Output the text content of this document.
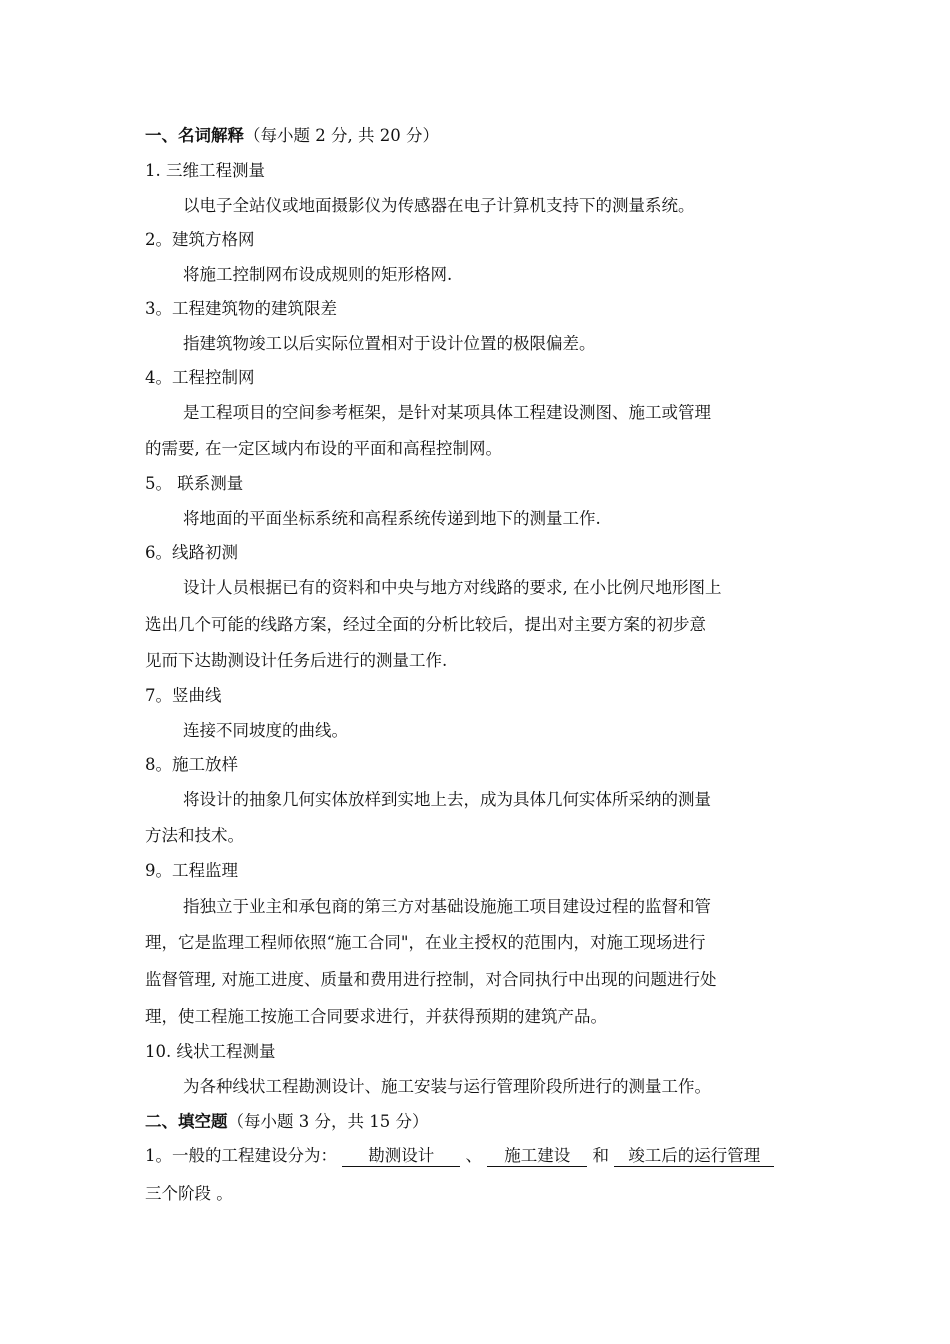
一、名词解释（每小题 2 分, 共 20 分）
1. 三维工程测量
以电子全站仪或地面摄影仪为传感器在电子计算机支持下的测量系统。
2。建筑方格网
将施工控制网布设成规则的矩形格网.
3。工程建筑物的建筑限差
指建筑物竣工以后实际位置相对于设计位置的极限偏差。
4。工程控制网
是工程项目的空间参考框架，是针对某项具体工程建设测图、施工或管理
的需要, 在一定区域内布设的平面和高程控制网。
5。 联系测量
将地面的平面坐标系统和高程系统传递到地下的测量工作.
6。线路初测
设计人员根据已有的资料和中央与地方对线路的要求, 在小比例尺地形图上
选出几个可能的线路方案，经过全面的分析比较后，提出对主要方案的初步意
见而下达勘测设计任务后进行的测量工作.
7。竖曲线
连接不同坡度的曲线。
8。施工放样
将设计的抽象几何实体放样到实地上去，成为具体几何实体所采纳的测量
方法和技术。
9。工程监理
指独立于业主和承包商的第三方对基础设施施工项目建设过程的监督和管
理，它是监理工程师依照“施工合同"，在业主授权的范围内，对施工现场进行
监督管理, 对施工进度、质量和费用进行控制，对合同执行中出现的问题进行处
理，使工程施工按施工合同要求进行，并获得预期的建筑产品。
10. 线状工程测量
为各种线状工程勘测设计、施工安装与运行管理阶段所进行的测量工作。
二、填空题（每小题 3 分，共 15 分）
1。一般的工程建设分为： 勘测设计 、 施工建设 和 竣工后的运行管理
三个阶段 。
